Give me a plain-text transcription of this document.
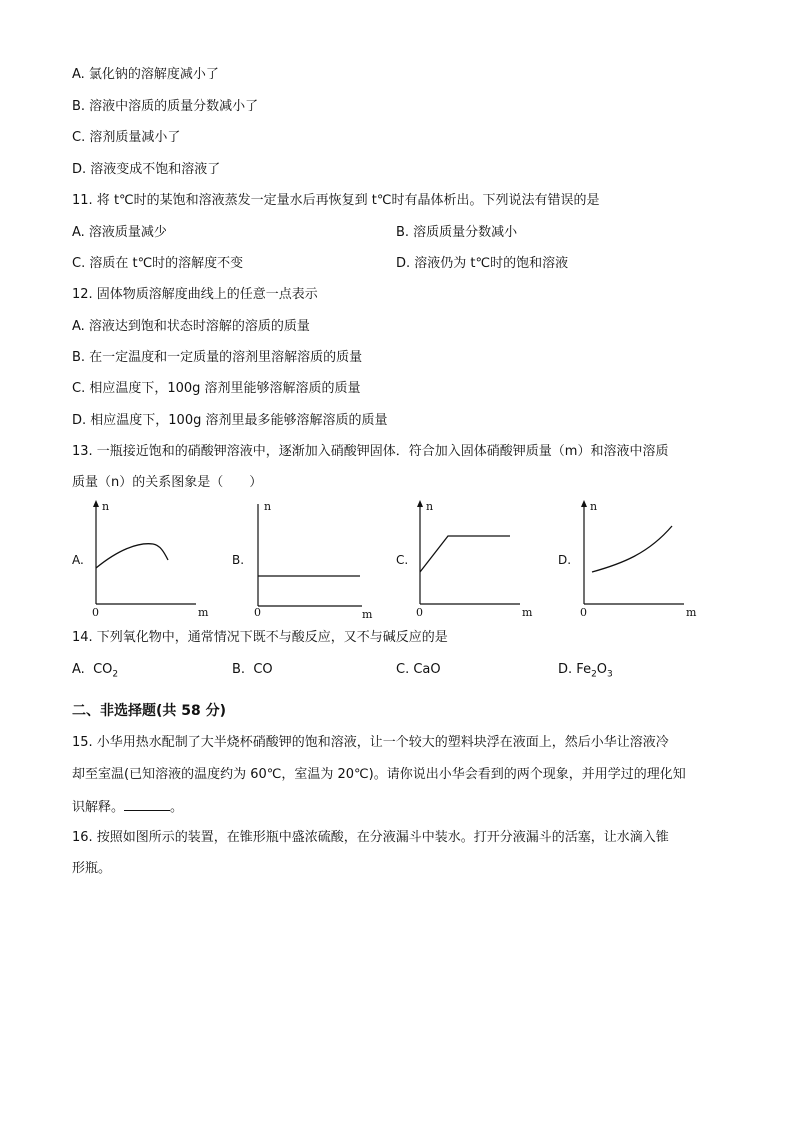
A. 氯化钠的溶解度减小了
B. 溶液中溶质的质量分数减小了
C. 溶剂质量减小了
D. 溶液变成不饱和溶液了
11. 将 t℃时的某饱和溶液蒸发一定量水后再恢复到 t℃时有晶体析出。下列说法有错误的是
A. 溶液质量减少	B. 溶质质量分数减小
C. 溶质在 t℃时的溶解度不变	D. 溶液仍为 t℃时的饱和溶液
12. 固体物质溶解度曲线上的任意一点表示
A. 溶液达到饱和状态时溶解的溶质的质量
B. 在一定温度和一定质量的溶剂里溶解溶质的质量
C. 相应温度下，100g 溶剂里能够溶解溶质的质量
D. 相应温度下，100g 溶剂里最多能够溶解溶质的质量
13. 一瓶接近饱和的硝酸钾溶液中，逐渐加入硝酸钾固体．符合加入固体硝酸钾质量（m）和溶液中溶质
质量（n）的关系图象是（　　）
A.
n
0	m
B.
n
0	m
C.
n
0	m
D.
n
0	m
14. 下列氧化物中，通常情况下既不与酸反应，又不与碱反应的是
A. $CO_2$	B. CO	C. CaO	D. $Fe_2O_3$
二、非选择题(共 58 分)
15. 小华用热水配制了大半烧杯硝酸钾的饱和溶液，让一个较大的塑料块浮在液面上，然后小华让溶液冷
却至室温(已知溶液的温度约为 60℃，室温为 20℃)。请你说出小华会看到的两个现象，并用学过的理化知
识解释。	。
16. 按照如图所示的装置，在锥形瓶中盛浓硫酸，在分液漏斗中装水。打开分液漏斗的活塞，让水滴入锥
形瓶。
